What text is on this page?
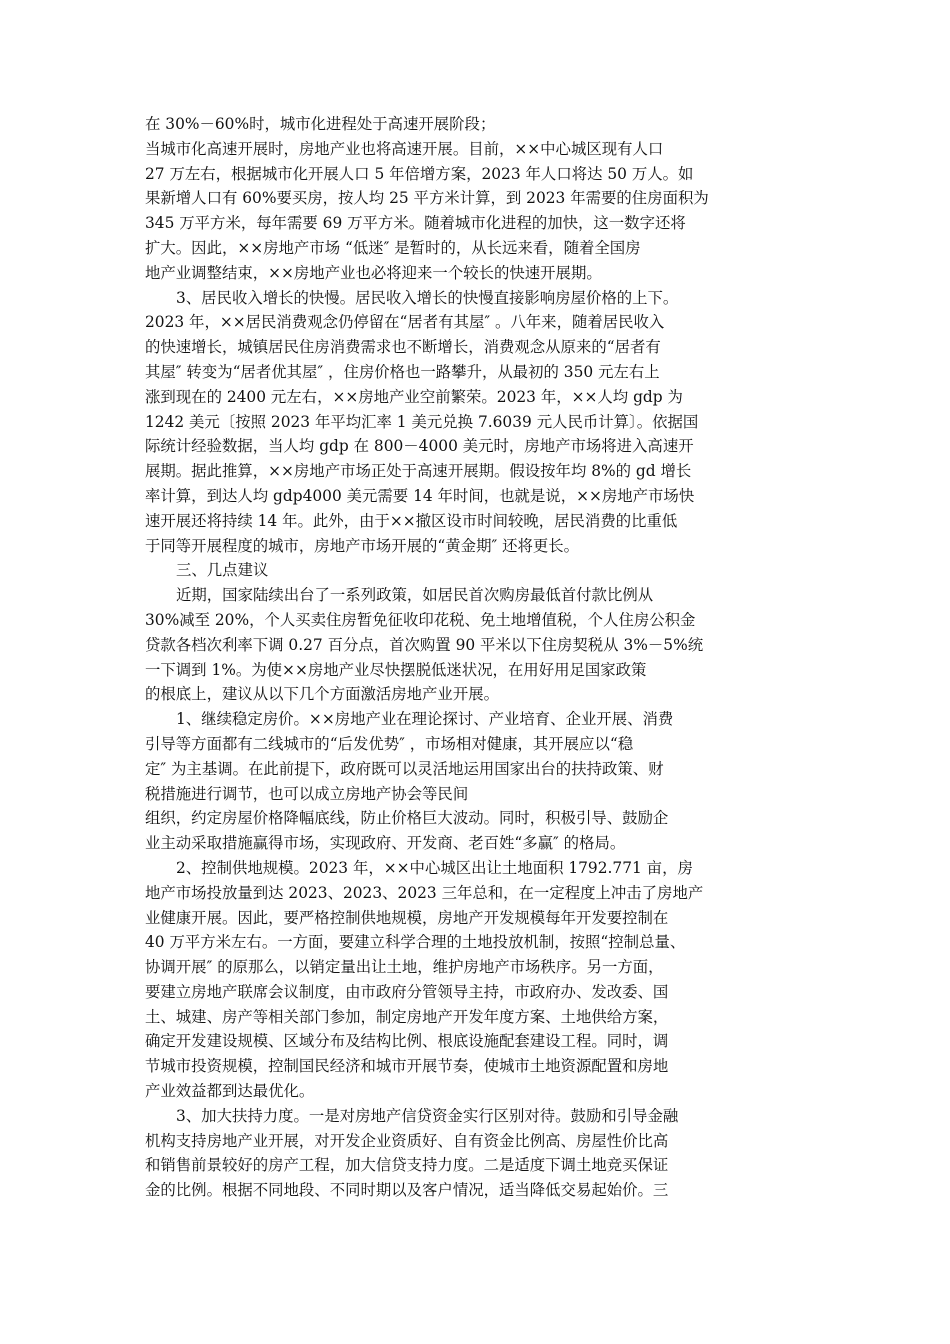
在 30%－60%时，城市化进程处于高速开展阶段；
当城市化高速开展时，房地产业也将高速开展。目前，××中心城区现有人口
27 万左右，根据城市化开展人口 5 年倍增方案，2023 年人口将达 50 万人。如
果新增人口有 60%要买房，按人均 25 平方米计算，到 2023 年需要的住房面积为
345 万平方米，每年需要 69 万平方米。随着城市化进程的加快，这一数字还将
扩大。因此，××房地产市场 “低迷″ 是暂时的，从长远来看，随着全国房
地产业调整结束，××房地产业也必将迎来一个较长的快速开展期。
3、居民收入增长的快慢。居民收入增长的快慢直接影响房屋价格的上下。
2023 年，××居民消费观念仍停留在“居者有其屋″ 。八年来，随着居民收入
的快速增长，城镇居民住房消费需求也不断增长，消费观念从原来的“居者有
其屋″ 转变为“居者优其屋″ ，住房价格也一路攀升，从最初的 350 元左右上
涨到现在的 2400 元左右，××房地产业空前繁荣。2023 年，××人均 gdp 为
1242 美元〔按照 2023 年平均汇率 1 美元兑换 7.6039 元人民币计算〕。依据国
际统计经验数据，当人均 gdp 在 800－4000 美元时，房地产市场将进入高速开
展期。据此推算，××房地产市场正处于高速开展期。假设按年均 8%的 gd 增长
率计算，到达人均 gdp4000 美元需要 14 年时间，也就是说，××房地产市场快
速开展还将持续 14 年。此外，由于××撤区设市时间较晚，居民消费的比重低
于同等开展程度的城市，房地产市场开展的“黄金期″ 还将更长。
三、几点建议
近期，国家陆续出台了一系列政策，如居民首次购房最低首付款比例从
30%减至 20%，个人买卖住房暂免征收印花税、免土地增值税，个人住房公积金
贷款各档次利率下调 0.27 百分点，首次购置 90 平米以下住房契税从 3%－5%统
一下调到 1%。为使××房地产业尽快摆脱低迷状况，在用好用足国家政策
的根底上，建议从以下几个方面激活房地产业开展。
1、继续稳定房价。××房地产业在理论探讨、产业培育、企业开展、消费
引导等方面都有二线城市的“后发优势″ ，市场相对健康，其开展应以“稳
定″ 为主基调。在此前提下，政府既可以灵活地运用国家出台的扶持政策、财
税措施进行调节，也可以成立房地产协会等民间
组织，约定房屋价格降幅底线，防止价格巨大波动。同时，积极引导、鼓励企
业主动采取措施赢得市场，实现政府、开发商、老百姓“多赢″ 的格局。
2、控制供地规模。2023 年，××中心城区出让土地面积 1792.771 亩，房
地产市场投放量到达 2023、2023、2023 三年总和，在一定程度上冲击了房地产
业健康开展。因此，要严格控制供地规模，房地产开发规模每年开发要控制在
40 万平方米左右。一方面，要建立科学合理的土地投放机制，按照“控制总量、
协调开展″ 的原那么，以销定量出让土地，维护房地产市场秩序。另一方面，
要建立房地产联席会议制度，由市政府分管领导主持，市政府办、发改委、国
土、城建、房产等相关部门参加，制定房地产开发年度方案、土地供给方案，
确定开发建设规模、区域分布及结构比例、根底设施配套建设工程。同时，调
节城市投资规模，控制国民经济和城市开展节奏，使城市土地资源配置和房地
产业效益都到达最优化。
3、加大扶持力度。一是对房地产信贷资金实行区别对待。鼓励和引导金融
机构支持房地产业开展，对开发企业资质好、自有资金比例高、房屋性价比高
和销售前景较好的房产工程，加大信贷支持力度。二是适度下调土地竞买保证
金的比例。根据不同地段、不同时期以及客户情况，适当降低交易起始价。三
